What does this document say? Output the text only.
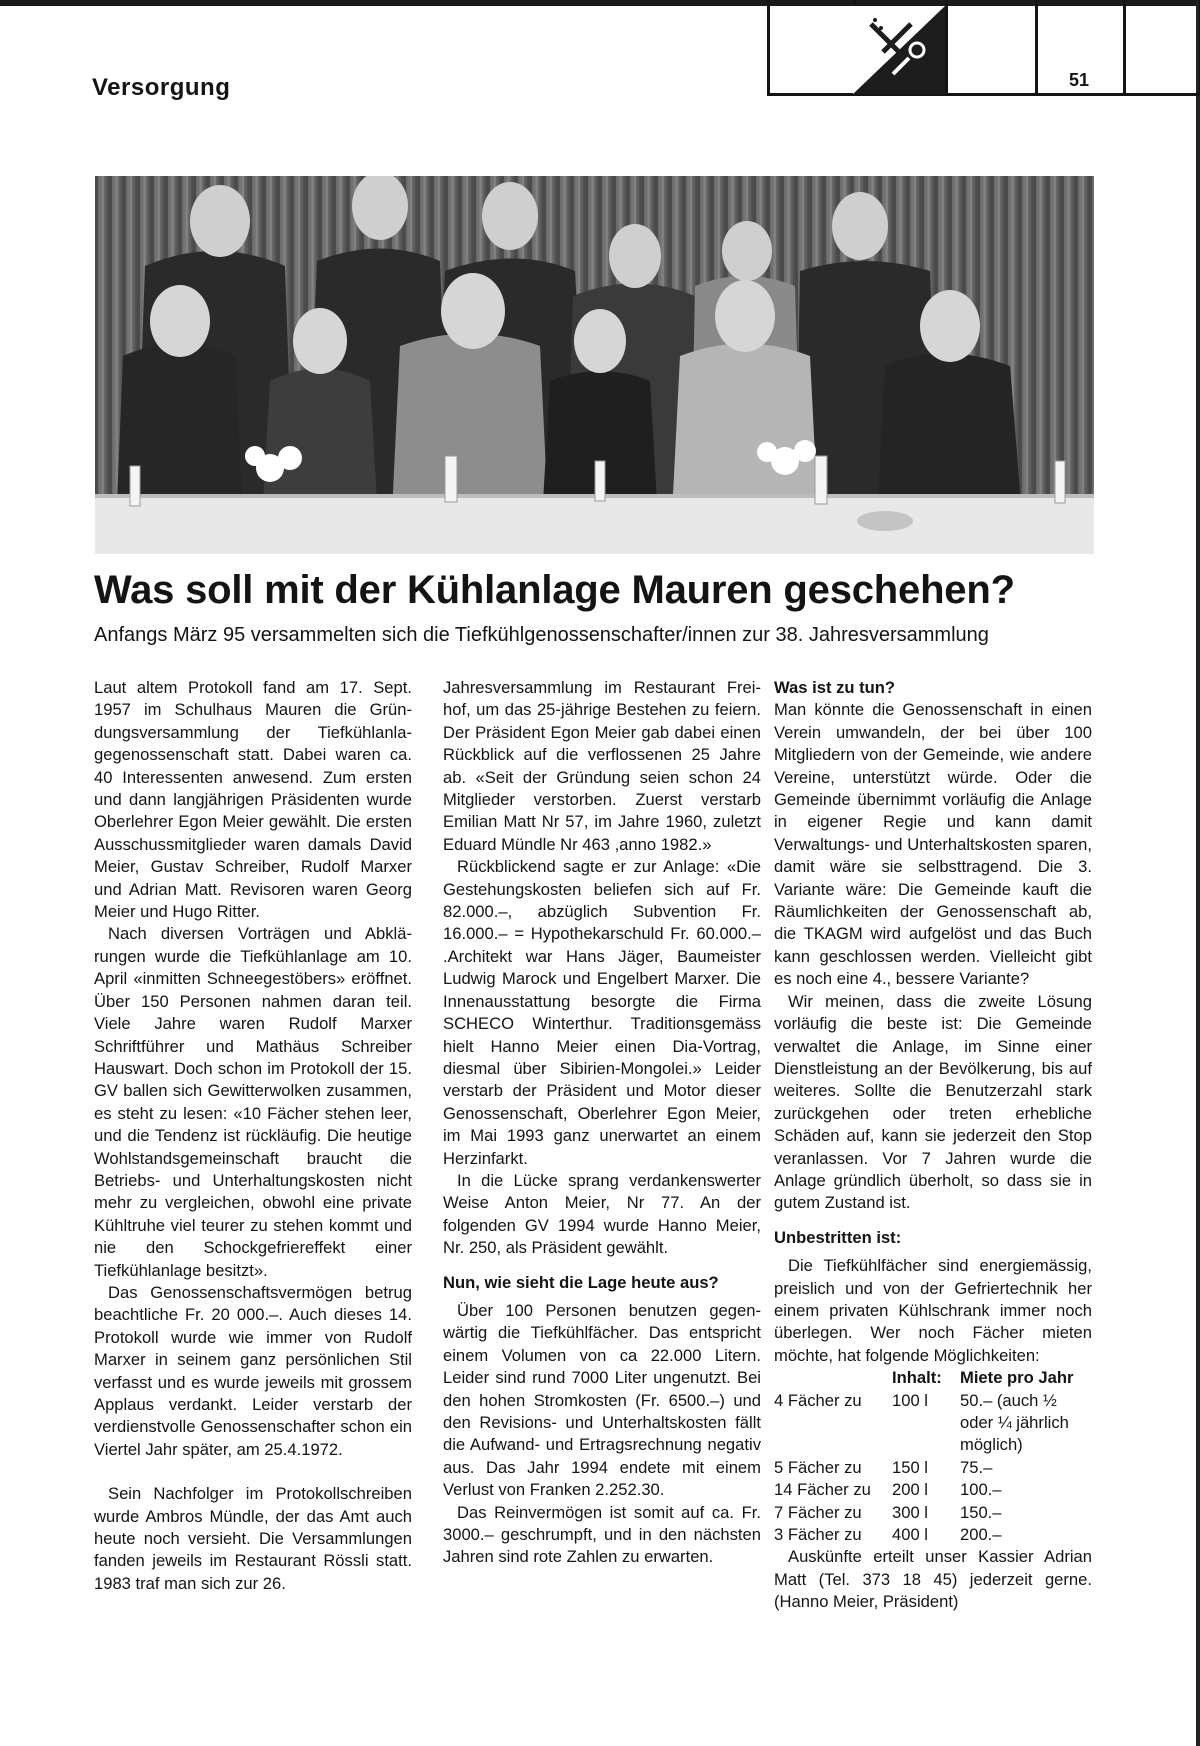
Versorgung	51
Was soll mit der Kühlanlage Mauren geschehen?
Anfangs März 95 versammelten sich die Tiefkühlgenossenschafter/innen zur 38. Jahresversammlung

Laut altem Protokoll fand am 17. Sept. 1957 im Schulhaus Mauren die Gründungsversammlung der Tiefkühlanlagegenossenschaft statt. Dabei waren ca. 40 Interessenten anwesend. Zum ersten und dann langjährigen Präsidenten wurde Oberlehrer Egon Meier gewählt. Die ersten Ausschussmitglieder waren damals David Meier, Gustav Schreiber, Rudolf Marxer und Adrian Matt. Revisoren waren Georg Meier und Hugo Ritter.

Nach diversen Vorträgen und Abklärungen wurde die Tiefkühlanlage am 10. April «inmitten Schneegestöbers» eröffnet. Über 150 Personen nahmen daran teil. Viele Jahre waren Rudolf Marxer Schriftführer und Mathäus Schreiber Hauswart. Doch schon im Protokoll der 15. GV ballen sich Gewitterwolken zusammen, es steht zu lesen: «10 Fächer stehen leer, und die Tendenz ist rückläufig. Die heutige Wohlstandsgemeinschaft braucht die Betriebs- und Unterhaltungskosten nicht mehr zu vergleichen, obwohl eine private Kühltruhe viel teurer zu stehen kommt und nie den Schockgefriereffekt einer Tiefkühlanlage besitzt».

Das Genossenschaftsvermögen betrug beachtliche Fr. 20 000.–. Auch dieses 14. Protokoll wurde wie immer von Rudolf Marxer in seinem ganz persönlichen Stil verfasst und es wurde jeweils mit grossem Applaus verdankt. Leider verstarb der verdienstvolle Genossenschafter schon ein Viertel Jahr später, am 25.4.1972.

Sein Nachfolger im Protokollschreiben wurde Ambros Mündle, der das Amt auch heute noch versieht. Die Versammlungen fanden jeweils im Restaurant Rössli statt. 1983 traf man sich zur 26.

Jahresversammlung im Restaurant Freihof, um das 25-jährige Bestehen zu feiern. Der Präsident Egon Meier gab dabei einen Rückblick auf die verflossenen 25 Jahre ab. «Seit der Gründung seien schon 24 Mitglieder verstorben. Zuerst verstarb Emilian Matt Nr 57, im Jahre 1960, zuletzt Eduard Mündle Nr 463 ,anno 1982.»

Rückblickend sagte er zur Anlage: «Die Gestehungskosten beliefen sich auf Fr. 82.000.–, abzüglich Subvention Fr. 16.000.– = Hypothekarschuld Fr. 60.000.– .Architekt war Hans Jäger, Baumeister Ludwig Marock und Engelbert Marxer. Die Innenausstattung besorgte die Firma SCHECO Winterthur. Traditionsgemäss hielt Hanno Meier einen Dia-Vortrag, diesmal über Sibirien-Mongolei.» Leider verstarb der Präsident und Motor dieser Genossenschaft, Oberlehrer Egon Meier, im Mai 1993 ganz unerwartet an einem Herzinfarkt.

In die Lücke sprang verdankenswerter Weise Anton Meier, Nr 77. An der folgenden GV 1994 wurde Hanno Meier, Nr. 250, als Präsident gewählt.

Nun, wie sieht die Lage heute aus?

Über 100 Personen benutzen gegenwärtig die Tiefkühlfächer. Das entspricht einem Volumen von ca 22.000 Litern. Leider sind rund 7000 Liter ungenutzt. Bei den hohen Stromkosten (Fr. 6500.–) und den Revisions- und Unterhaltskosten fällt die Aufwand- und Ertragsrechnung negativ aus. Das Jahr 1994 endete mit einem Verlust von Franken 2.252.30.

Das Reinvermögen ist somit auf ca. Fr. 3000.– geschrumpft, und in den nächsten Jahren sind rote Zahlen zu erwarten.

Was ist zu tun?

Man könnte die Genossenschaft in einen Verein umwandeln, der bei über 100 Mitgliedern von der Gemeinde, wie andere Vereine, unterstützt würde. Oder die Gemeinde übernimmt vorläufig die Anlage in eigener Regie und kann damit Verwaltungs- und Unterhaltskosten sparen, damit wäre sie selbsttragend. Die 3. Variante wäre: Die Gemeinde kauft die Räumlichkeiten der Genossenschaft ab, die TKAGM wird aufgelöst und das Buch kann geschlossen werden. Vielleicht gibt es noch eine 4., bessere Variante?

Wir meinen, dass die zweite Lösung vorläufig die beste ist: Die Gemeinde verwaltet die Anlage, im Sinne einer Dienstleistung an der Bevölkerung, bis auf weiteres. Sollte die Benutzerzahl stark zurückgehen oder treten erhebliche Schäden auf, kann sie jederzeit den Stop veranlassen. Vor 7 Jahren wurde die Anlage gründlich überholt, so dass sie in gutem Zustand ist.

Unbestritten ist:

Die Tiefkühlfächer sind energiemässig, preislich und von der Gefriertechnik her einem privaten Kühlschrank immer noch überlegen. Wer noch Fächer mieten möchte, hat folgende Möglichkeiten:

	Inhalt:	Miete pro Jahr
4 Fächer zu	100 l	50.– (auch ½ oder ¼ jährlich möglich)
5 Fächer zu	150 l	75.–
14 Fächer zu	200 l	100.–
7 Fächer zu	300 l	150.–
3 Fächer zu	400 l	200.–

Auskünfte erteilt unser Kassier Adrian Matt (Tel. 373 18 45) jederzeit gerne. (Hanno Meier, Präsident)
